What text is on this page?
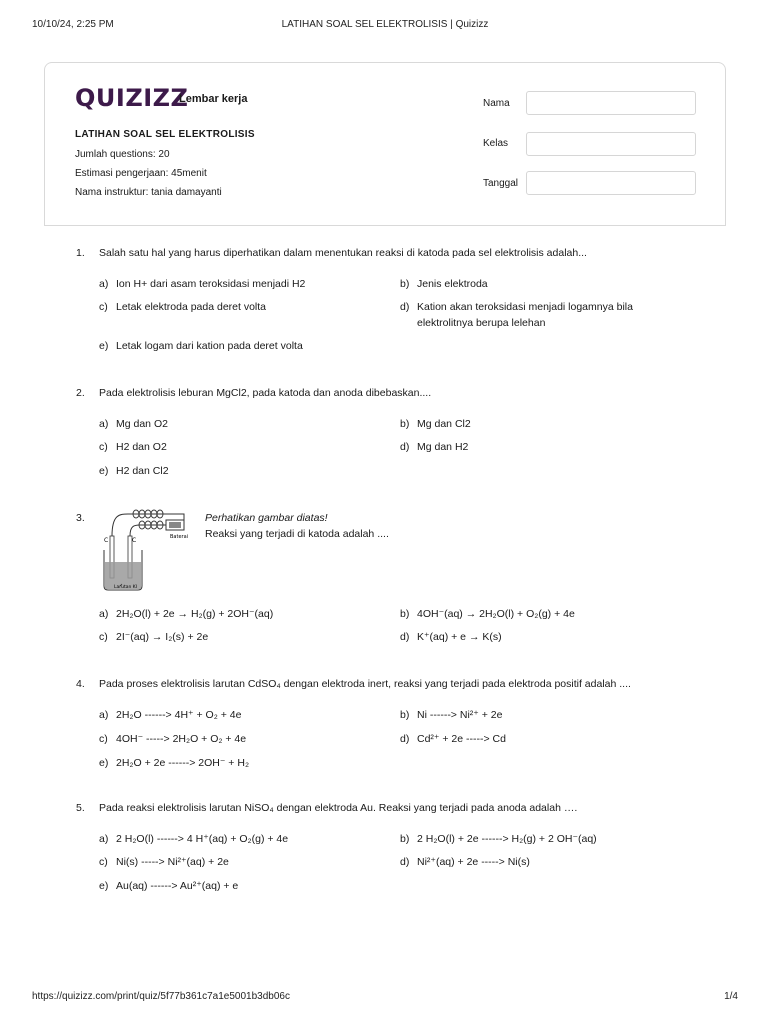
10/10/24, 2:25 PM	LATIHAN SOAL SEL ELEKTROLISIS | Quizizz
QUIZIZZ
Lembar kerja
LATIHAN SOAL SEL ELEKTROLISIS
Jumlah questions: 20
Estimasi pengerjaan: 45menit
Nama instruktur: tania damayanti
Nama
Kelas
Tanggal
1. Salah satu hal yang harus diperhatikan dalam menentukan reaksi di katoda pada sel elektrolisis adalah...
a) Ion H+ dari asam teroksidasi menjadi H2	b) Jenis elektroda
c) Letak elektroda pada deret volta	d) Kation akan teroksidasi menjadi logamnya bila elektrolitnya berupa lelehan
e) Letak logam dari kation pada deret volta
2. Pada elektrolisis leburan MgCl2, pada katoda dan anoda dibebaskan....
a) Mg dan O2	b) Mg dan Cl2
c) H2 dan O2	d) Mg dan H2
e) H2 dan Cl2
3.
Baterai
C	C
Larutan KI
Perhatikan gambar diatas!
Reaksi yang terjadi di katoda adalah ....
a) 2H₂O(l) + 2e → H₂(g) + 2OH⁻(aq)	b) 4OH⁻(aq) → 2H₂O(l) + O₂(g) + 4e
c) 2I⁻(aq) → I₂(s) + 2e	d) K⁺(aq) + e → K(s)
4. Pada proses elektrolisis larutan CdSO₄ dengan elektroda inert, reaksi yang terjadi pada elektroda positif adalah ....
a) 2H₂O ------> 4H⁺ + O₂ + 4e	b) Ni ------> Ni²⁺ + 2e
c) 4OH⁻ -----> 2H₂O + O₂ + 4e	d) Cd²⁺ + 2e -----> Cd
e) 2H₂O + 2e ------> 2OH⁻ + H₂
5. Pada reaksi elektrolisis larutan NiSO₄ dengan elektroda Au. Reaksi yang terjadi pada anoda adalah ….
a) 2 H₂O(l) ------> 4 H⁺(aq) + O₂(g) + 4e	b) 2 H₂O(l) + 2e ------> H₂(g) + 2 OH⁻(aq)
c) Ni(s) -----> Ni²⁺(aq) + 2e	d) Ni²⁺(aq) + 2e -----> Ni(s)
e) Au(aq) ------> Au²⁺(aq) + e
https://quizizz.com/print/quiz/5f77b361c7a1e5001b3db06c	1/4
